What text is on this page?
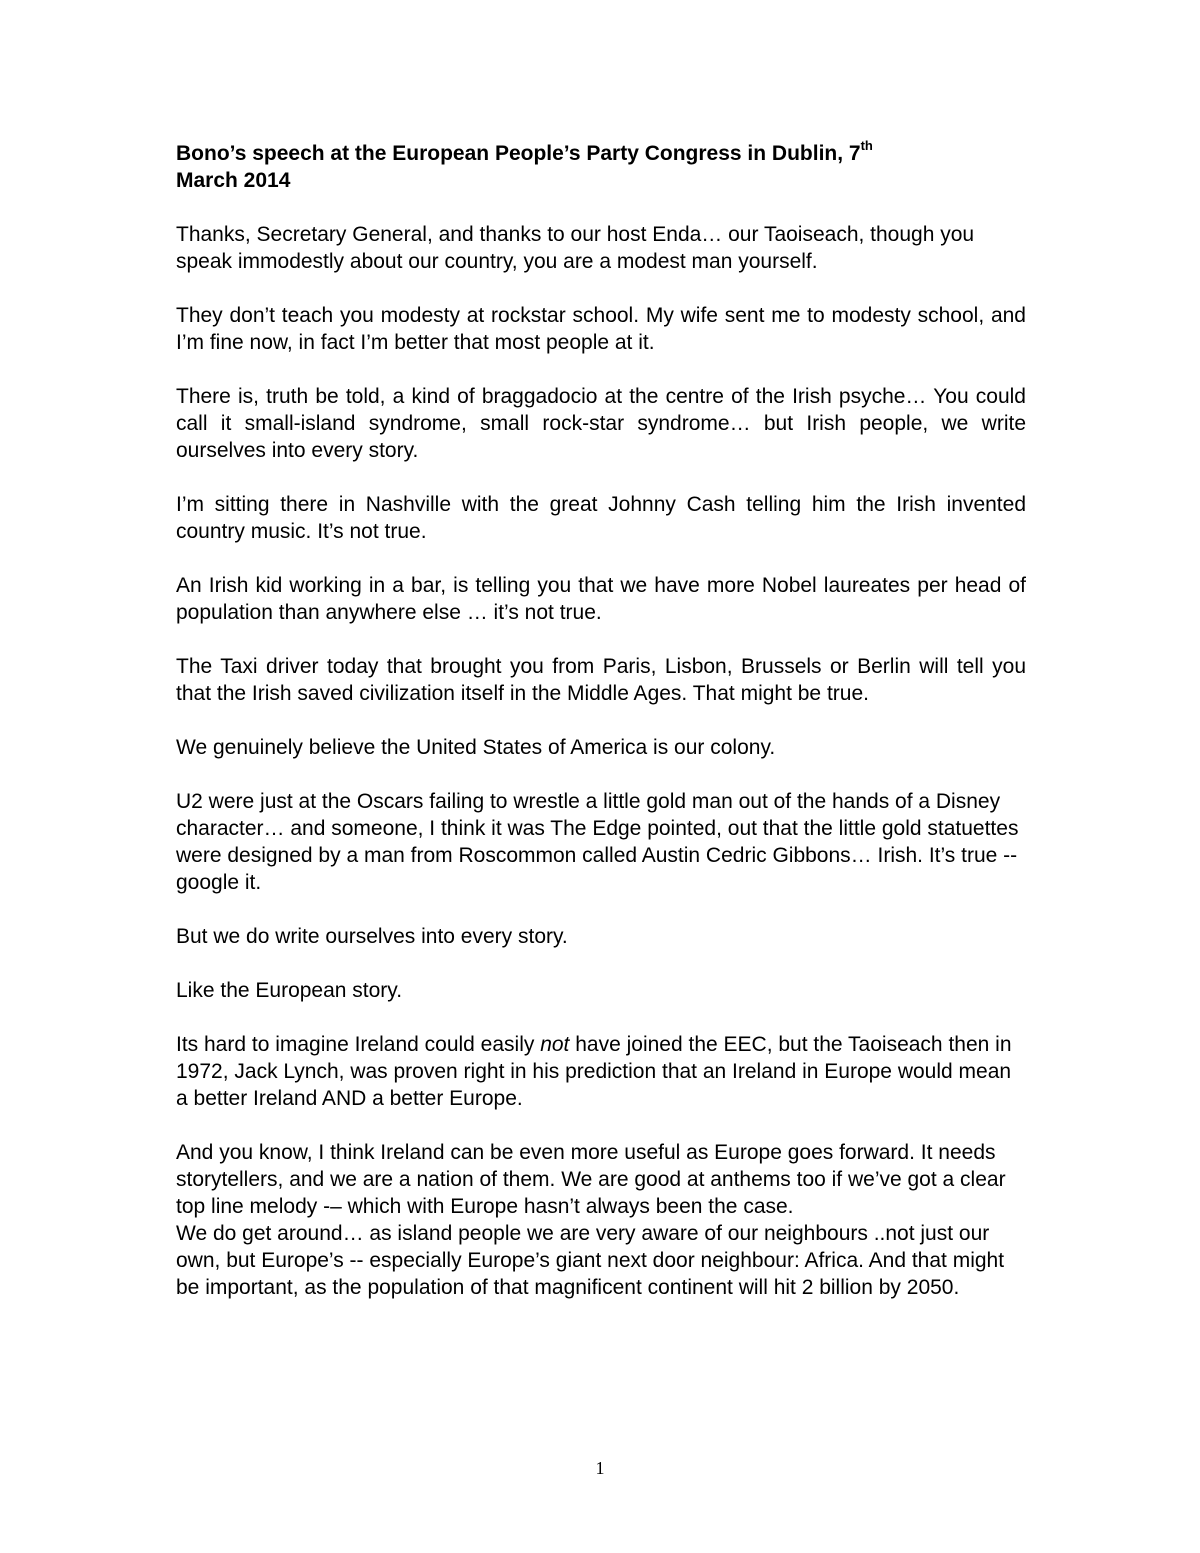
Bono’s speech at the European People’s Party Congress in Dublin, 7th
March 2014

Thanks, Secretary General, and thanks to our host Enda… our Taoiseach, though you speak immodestly about our country, you are a modest man yourself.

They don’t teach you modesty at rockstar school. My wife sent me to modesty school, and I’m fine now, in fact I’m better that most people at it.

There is, truth be told, a kind of braggadocio at the centre of the Irish psyche… You could call it small-island syndrome, small rock-star syndrome… but Irish people, we write ourselves into every story.

I’m sitting there in Nashville with the great Johnny Cash telling him the Irish invented country music. It’s not true.

An Irish kid working in a bar, is telling you that we have more Nobel laureates per head of population than anywhere else … it’s not true.

The Taxi driver today that brought you from Paris, Lisbon, Brussels or Berlin will tell you that the Irish saved civilization itself in the Middle Ages. That might be true.

We genuinely believe the United States of America is our colony.

U2 were just at the Oscars failing to wrestle a little gold man out of the hands of a Disney character… and someone, I think it was The Edge pointed, out that the little gold statuettes were designed by a man from Roscommon called Austin Cedric Gibbons… Irish. It’s true -- google it.

But we do write ourselves into every story.

Like the European story.

Its hard to imagine Ireland could easily not have joined the EEC, but the Taoiseach then in 1972, Jack Lynch, was proven right in his prediction that an Ireland in Europe would mean a better Ireland AND a better Europe.

And you know, I think Ireland can be even more useful as Europe goes forward. It needs storytellers, and we are a nation of them. We are good at anthems too if we’ve got a clear top line melody -– which with Europe hasn’t always been the case.

We do get around… as island people we are very aware of our neighbours ..not just our own, but Europe’s -- especially Europe’s giant next door neighbour: Africa. And that might be important, as the population of that magnificent continent will hit 2 billion by 2050.

1
